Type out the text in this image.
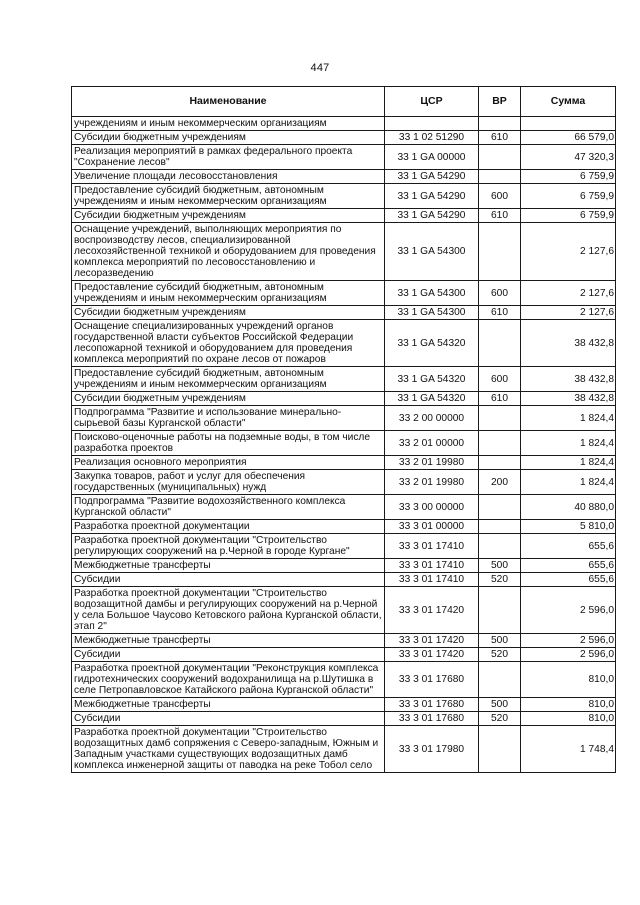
447
Наименование	ЦСР	ВР	Сумма
учреждениям и иным некоммерческим организациям			
Субсидии бюджетным учреждениям	33 1 02 51290	610	66 579,0
Реализация мероприятий в рамках федерального проекта "Сохранение лесов"	33 1 GA 00000		47 320,3
Увеличение площади лесовосстановления	33 1 GA 54290		6 759,9
Предоставление субсидий бюджетным, автономным учреждениям и иным некоммерческим организациям	33 1 GA 54290	600	6 759,9
Субсидии бюджетным учреждениям	33 1 GA 54290	610	6 759,9
Оснащение учреждений, выполняющих мероприятия по воспроизводству лесов, специализированной лесохозяйственной техникой и оборудованием для проведения комплекса мероприятий по лесовосстановлению и лесоразведению	33 1 GA 54300		2 127,6
Предоставление субсидий бюджетным, автономным учреждениям и иным некоммерческим организациям	33 1 GA 54300	600	2 127,6
Субсидии бюджетным учреждениям	33 1 GA 54300	610	2 127,6
Оснащение специализированных учреждений органов государственной власти субъектов Российской Федерации лесопожарной техникой и оборудованием для проведения комплекса мероприятий по охране лесов от пожаров	33 1 GA 54320		38 432,8
Предоставление субсидий бюджетным, автономным учреждениям и иным некоммерческим организациям	33 1 GA 54320	600	38 432,8
Субсидии бюджетным учреждениям	33 1 GA 54320	610	38 432,8
Подпрограмма "Развитие и использование минерально-сырьевой базы Курганской области"	33 2 00 00000		1 824,4
Поисково-оценочные работы на подземные воды, в том числе разработка проектов	33 2 01 00000		1 824,4
Реализация основного мероприятия	33 2 01 19980		1 824,4
Закупка товаров, работ и услуг для обеспечения государственных (муниципальных) нужд	33 2 01 19980	200	1 824,4
Подпрограмма "Развитие водохозяйственного комплекса Курганской области"	33 3 00 00000		40 880,0
Разработка проектной документации	33 3 01 00000		5 810,0
Разработка проектной документации "Строительство регулирующих сооружений на р.Черной в городе Кургане"	33 3 01 17410		655,6
Межбюджетные трансферты	33 3 01 17410	500	655,6
Субсидии	33 3 01 17410	520	655,6
Разработка проектной документации "Строительство водозащитной дамбы и регулирующих сооружений на р.Черной у села Большое Чаусово Кетовского района Курганской области, этап 2"	33 3 01 17420		2 596,0
Межбюджетные трансферты	33 3 01 17420	500	2 596,0
Субсидии	33 3 01 17420	520	2 596,0
Разработка проектной документации "Реконструкция комплекса гидротехнических сооружений водохранилища на р.Шутишка в селе Петропавловское Катайского района Курганской области"	33 3 01 17680		810,0
Межбюджетные трансферты	33 3 01 17680	500	810,0
Субсидии	33 3 01 17680	520	810,0
Разработка проектной документации "Строительство водозащитных дамб сопряжения с Северо-западным, Южным и Западным участками существующих водозащитных дамб комплекса инженерной защиты от паводка на реке Тобол село	33 3 01 17980		1 748,4
